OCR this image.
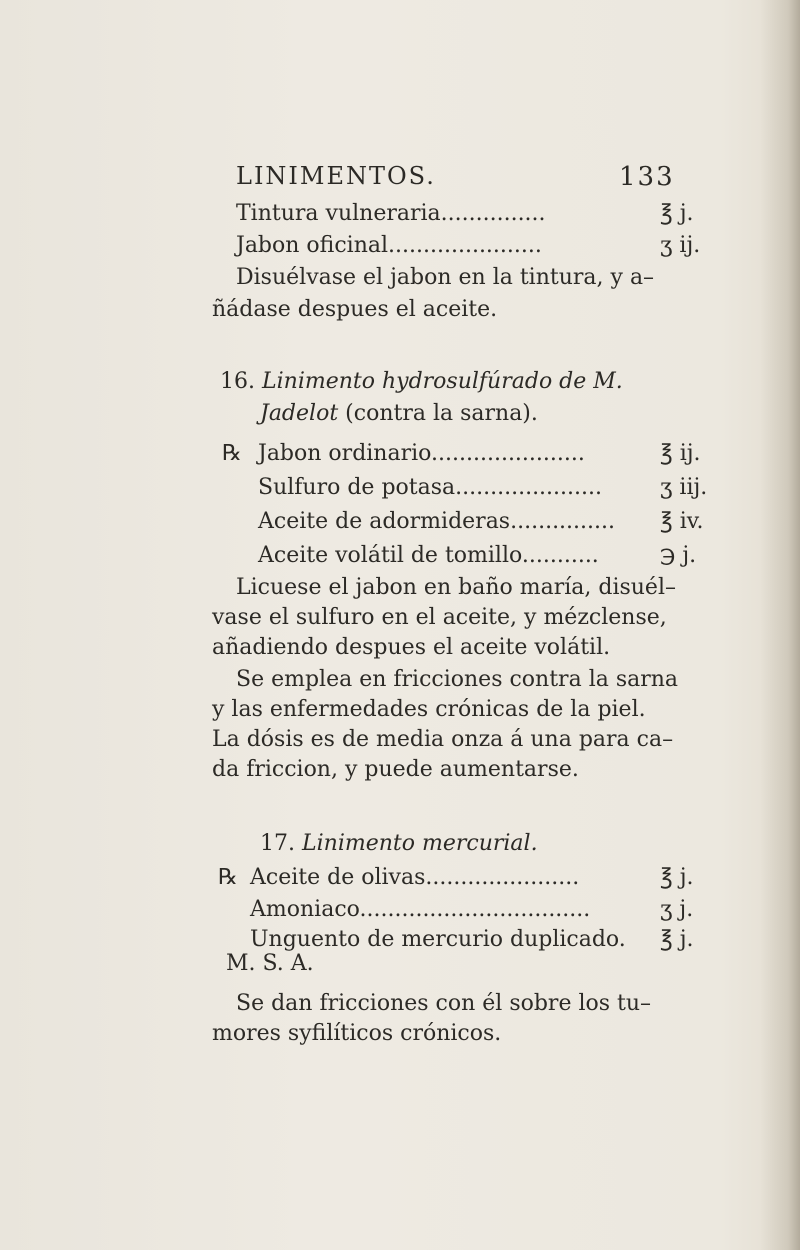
LINIMENTOS.	133
Tintura vulneraria...............	℥ j.
Jabon oficinal......................	ʒ ij.
Disuélvase el jabon en la tintura, y a–
ñádase despues el aceite.
16. Linimento hydrosulfúrado de M.
Jadelot (contra la sarna).
℞ Jabon ordinario......................	℥ ij.
Sulfuro de potasa.....................	ʒ iij.
Aceite de adormideras............... ℥ iv.
Aceite volátil de tomillo...........	℈ j.
Licuese el jabon en baño maría, disuél–
vase el sulfuro en el aceite, y mézclense,
añadiendo despues el aceite volátil.
Se emplea en fricciones contra la sarna
y las enfermedades crónicas de la piel.
La dósis es de media onza á una para ca–
da friccion, y puede aumentarse.
17. Linimento mercurial.
℞ Aceite de olivas......................	℥ j.
Amoniaco.................................	ʒ j.
Unguento de mercurio duplicado. ℥ j.
M. S. A.
Se dan fricciones con él sobre los tu–
mores syfilíticos crónicos.
